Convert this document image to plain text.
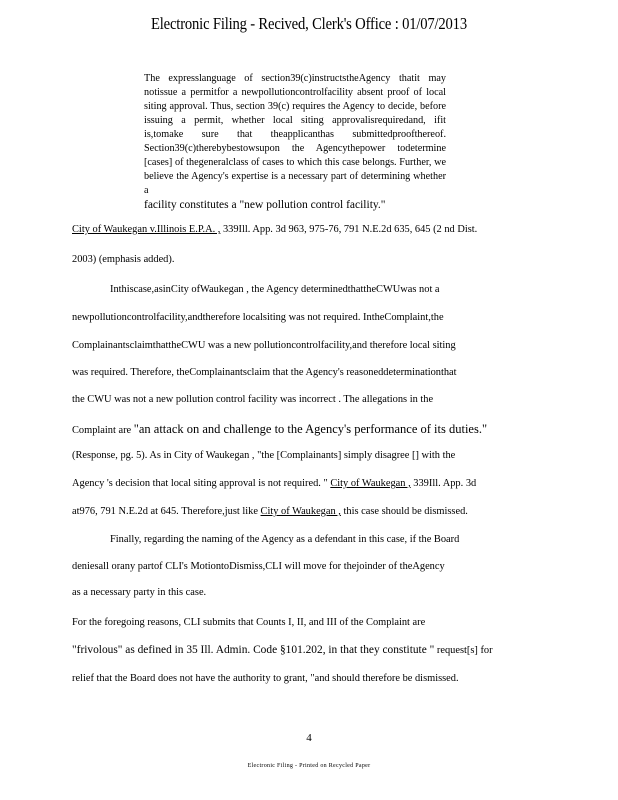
Electronic Filing - Recived, Clerk's Office : 01/07/2013

The expresslanguage of section39(c)instructstheAgency thatit may notissue a permitfor a newpollutioncontrolfacility absent proof of local siting approval. Thus, section 39(c) requires the Agency to decide, before issuing a permit, whether local siting approvalisrequiredand, ifit is,tomake sure that theapplicanthas submittedproofthereof. Section39(c)therebybestowsupon the Agencythepower todetermine [cases] of thegeneralclass of cases to which this case belongs. Further, we believe the Agency's expertise is a necessary part of determining whether a

facility constitutes a "new pollution control facility."

City of Waukegan v.Illinois E.P.A. , 339Ill. App. 3d 963, 975-76, 791 N.E.2d 635, 645 (2 nd Dist.
2003) (emphasis added).
Inthiscase,asinCity ofWaukegan , the Agency determinedthattheCWUwas not a
newpollutioncontrolfacility,andtherefore localsiting was not required. IntheComplaint,the
ComplainantsclaimthattheCWU was a new pollutioncontrolfacility,and therefore local siting
was required. Therefore, theComplainantsclaim that the Agency's reasoneddeterminationthat
the CWU was not a new pollution control facility was incorrect . The allegations in the
Complaint are "an attack on and challenge to the Agency's performance of its duties."
(Response, pg. 5). As in City of Waukegan , "the [Complainants] simply disagree [] with the
Agency 's decision that local siting approval is not required. " City of Waukegan , 339Ill. App. 3d
at976, 791 N.E.2d at 645. Therefore,just like City of Waukegan , this case should be dismissed.
Finally, regarding the naming of the Agency as a defendant in this case, if the Board
deniesall orany partof CLI's MotiontoDismiss,CLI will move for thejoinder of theAgency
as a necessary party in this case.
For the foregoing reasons, CLI submits that Counts I, II, and III of the Complaint are
"frivolous" as defined in 35 Ill. Admin. Code §101.202, in that they constitute " request[s] for
relief that the Board does not have the authority to grant, "and should therefore be dismissed.
4
Electronic Filing - Printed on Recycled Paper
